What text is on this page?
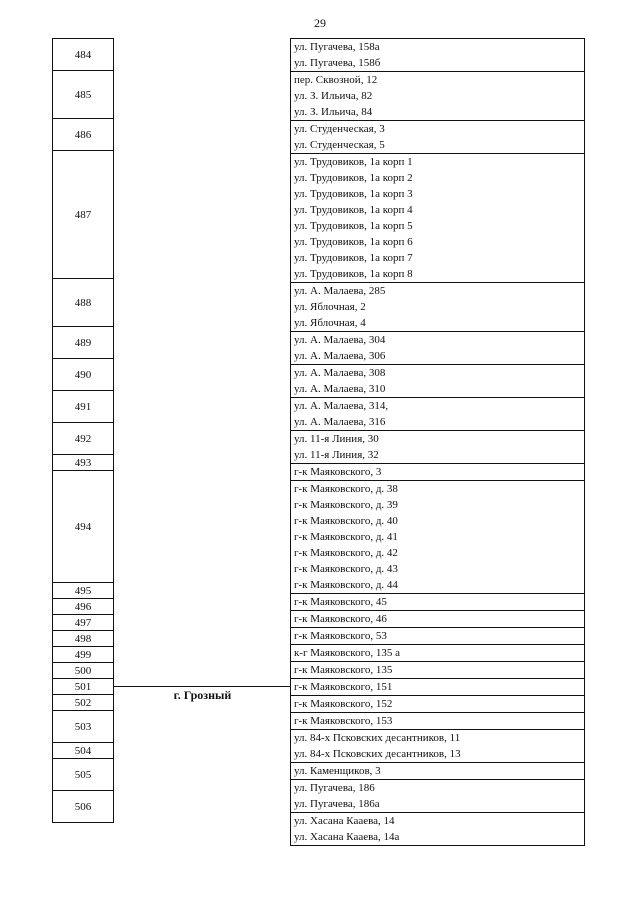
29
484
485
486
487
488
489
490
491
492
493
494
495
496
497
498
499
500
501
502
503
504
505
506
ул. Пугачева, 158а
ул. Пугачева, 158б
пер. Сквозной, 12
ул. З. Ильича, 82
ул. З. Ильича, 84
ул. Студенческая, 3
ул. Студенческая, 5
ул. Трудовиков, 1а корп 1
ул. Трудовиков, 1а корп 2
ул. Трудовиков, 1а корп 3
ул. Трудовиков, 1а корп 4
ул. Трудовиков, 1а корп 5
ул. Трудовиков, 1а корп 6
ул. Трудовиков, 1а корп 7
ул. Трудовиков, 1а корп 8
ул. А. Малаева, 285
ул. Яблочная, 2
ул. Яблочная, 4
ул. А. Малаева, 304
ул. А. Малаева, 306
ул. А. Малаева, 308
ул. А. Малаева, 310
ул. А. Малаева, 314,
ул. А. Малаева, 316
ул. 11-я Линия, 30
ул. 11-я Линия, 32
г-к Маяковского, 3
г-к Маяковского, д. 38
г-к Маяковского, д. 39
г-к Маяковского, д. 40
г-к Маяковского, д. 41
г-к Маяковского, д. 42
г-к Маяковского, д. 43
г-к Маяковского, д. 44
г-к Маяковского, 45
г-к Маяковского, 46
г-к Маяковского, 53
к-г Маяковского, 135 а
г-к Маяковского, 135
г-к Маяковского, 151
г-к Маяковского, 152
г-к Маяковского, 153
ул. 84-х Псковских десантников, 11
ул. 84-х Псковских десантников, 13
ул. Каменщиков, 3
ул. Пугачева, 186
ул. Пугачева, 186а
ул. Хасана Кааева, 14
ул. Хасана Кааева, 14а
г. Грозный
